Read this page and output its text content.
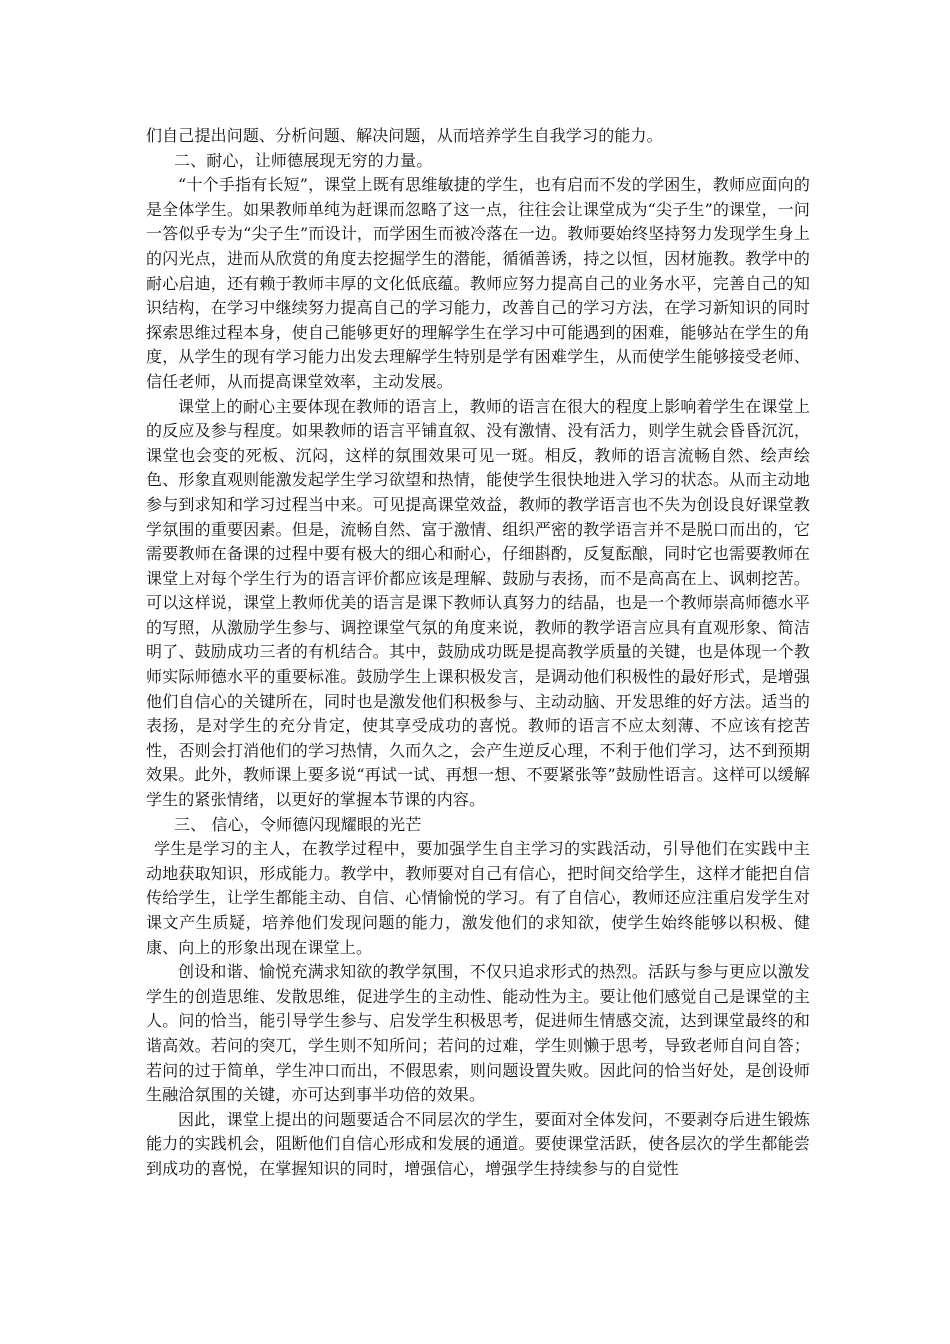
们自己提出问题、分析问题、解决问题，从而培养学生自我学习的能力。

二、耐心，让师德展现无穷的力量。

“十个手指有长短”，课堂上既有思维敏捷的学生，也有启而不发的学困生，教师应面向的是全体学生。如果教师单纯为赶课而忽略了这一点，往往会让课堂成为“尖子生”的课堂，一问一答似乎专为“尖子生”而设计，而学困生而被冷落在一边。教师要始终坚持努力发现学生身上的闪光点，进而从欣赏的角度去挖掘学生的潜能，循循善诱，持之以恒，因材施教。教学中的耐心启迪，还有赖于教师丰厚的文化低底蕴。教师应努力提高自己的业务水平，完善自己的知识结构，在学习中继续努力提高自己的学习能力，改善自己的学习方法，在学习新知识的同时探索思维过程本身，使自己能够更好的理解学生在学习中可能遇到的困难，能够站在学生的角度，从学生的现有学习能力出发去理解学生特别是学有困难学生，从而使学生能够接受老师、信任老师，从而提高课堂效率，主动发展。

课堂上的耐心主要体现在教师的语言上，教师的语言在很大的程度上影响着学生在课堂上的反应及参与程度。如果教师的语言平铺直叙、没有激情、没有活力，则学生就会昏昏沉沉，课堂也会变的死板、沉闷，这样的氛围效果可见一斑。相反，教师的语言流畅自然、绘声绘色、形象直观则能激发起学生学习欲望和热情，能使学生很快地进入学习的状态。从而主动地参与到求知和学习过程当中来。可见提高课堂效益，教师的教学语言也不失为创设良好课堂教学氛围的重要因素。但是，流畅自然、富于激情、组织严密的教学语言并不是脱口而出的，它需要教师在备课的过程中要有极大的细心和耐心，仔细斟酌，反复酝酿，同时它也需要教师在课堂上对每个学生行为的语言评价都应该是理解、鼓励与表扬，而不是高高在上、讽刺挖苦。可以这样说，课堂上教师优美的语言是课下教师认真努力的结晶，也是一个教师崇高师德水平的写照，从激励学生参与、调控课堂气氛的角度来说，教师的教学语言应具有直观形象、简洁明了、鼓励成功三者的有机结合。其中，鼓励成功既是提高教学质量的关键，也是体现一个教师实际师德水平的重要标准。鼓励学生上课积极发言，是调动他们积极性的最好形式，是增强他们自信心的关键所在，同时也是激发他们积极参与、主动动脑、开发思维的好方法。适当的表扬，是对学生的充分肯定，使其享受成功的喜悦。教师的语言不应太刻薄、不应该有挖苦性，否则会打消他们的学习热情，久而久之，会产生逆反心理，不利于他们学习，达不到预期效果。此外，教师课上要多说“再试一试、再想一想、不要紧张等”鼓励性语言。这样可以缓解学生的紧张情绪，以更好的掌握本节课的内容。

三、 信心，令师德闪现耀眼的光芒

学生是学习的主人，在教学过程中，要加强学生自主学习的实践活动，引导他们在实践中主动地获取知识，形成能力。教学中，教师要对自己有信心，把时间交给学生，这样才能把自信传给学生，让学生都能主动、自信、心情愉悦的学习。有了自信心，教师还应注重启发学生对课文产生质疑，培养他们发现问题的能力，激发他们的求知欲，使学生始终能够以积极、健康、向上的形象出现在课堂上。

创设和谐、愉悦充满求知欲的教学氛围，不仅只追求形式的热烈。活跃与参与更应以激发学生的创造思维、发散思维，促进学生的主动性、能动性为主。要让他们感觉自己是课堂的主人。问的恰当，能引导学生参与、启发学生积极思考，促进师生情感交流，达到课堂最终的和谐高效。若问的突兀，学生则不知所问；若问的过难，学生则懒于思考，导致老师自问自答；若问的过于简单，学生冲口而出，不假思索，则问题设置失败。因此问的恰当好处，是创设师生融洽氛围的关键，亦可达到事半功倍的效果。

因此，课堂上提出的问题要适合不同层次的学生，要面对全体发问，不要剥夺后进生锻炼能力的实践机会，阻断他们自信心形成和发展的通道。要使课堂活跃，使各层次的学生都能尝到成功的喜悦，在掌握知识的同时，增强信心，增强学生持续参与的自觉性
